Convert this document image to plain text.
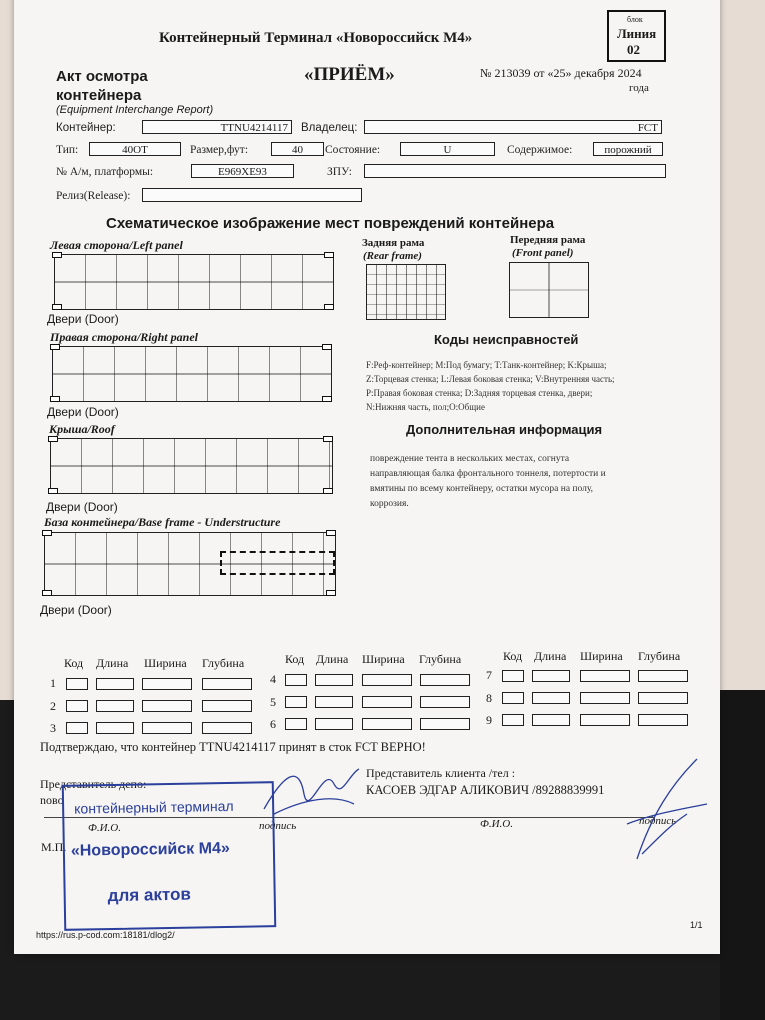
Контейнерный Терминал «Новороссийск М4»
блок
Линия
02
Акт осмотра
контейнера
(Equipment Interchange Report)
«ПРИЁМ»	№ 213039 от «25» декабря 2024
года
Контейнер:	TTNU4214117	Владелец:	FCT
Тип:	40OT	Размер,фут:	40	Состояние:	U	Содержимое:	порожний
№ А/м, платформы:	E969XE93	ЗПУ:
Релиз(Release):
Схематическое изображение мест повреждений контейнера
Левая сторона/Left panel
Двери (Door)
Задняя рама
(Rear frame)
Передняя рама
(Front panel)
Правая сторона/Right panel
Двери (Door)
Крыша/Roof
Двери (Door)
База контейнера/Base frame - Understructure
Двери (Door)
Коды неисправностей
F:Реф-контейнер; M:Под бумагу; T:Танк-контейнер; K:Крыша;
Z:Торцевая стенка; L:Левая боковая стенка; V:Внутренняя часть;
P:Правая боковая стенка; D:Задняя торцевая стенка, двери;
N:Нижняя часть, пол;O:Общие
Дополнительная информация
повреждение тента в нескольких местах, согнута
направляющая балка фронтального тоннеля, потертости и
вмятины по всему контейнеру, остатки мусора на полу,
коррозия.
Код Длина Ширина Глубина
1
2
3
Код Длина Ширина Глубина
4
5
6
Код Длина Ширина Глубина
7
8
9
Подтверждаю, что контейнер TTNU4214117 принят в сток FCT ВЕРНО!
Представитель депо:
noвo
Ф.И.О.	подпись
М.П.
Представитель клиента /тел :
КАСОЕВ ЭДГАР АЛИКОВИЧ /89288839991
Ф.И.О.	подпись
1/1
https://rus.p-cod.com:18181/dlog2/
контейнерный терминал
«Новороссийск М4»
для актов
